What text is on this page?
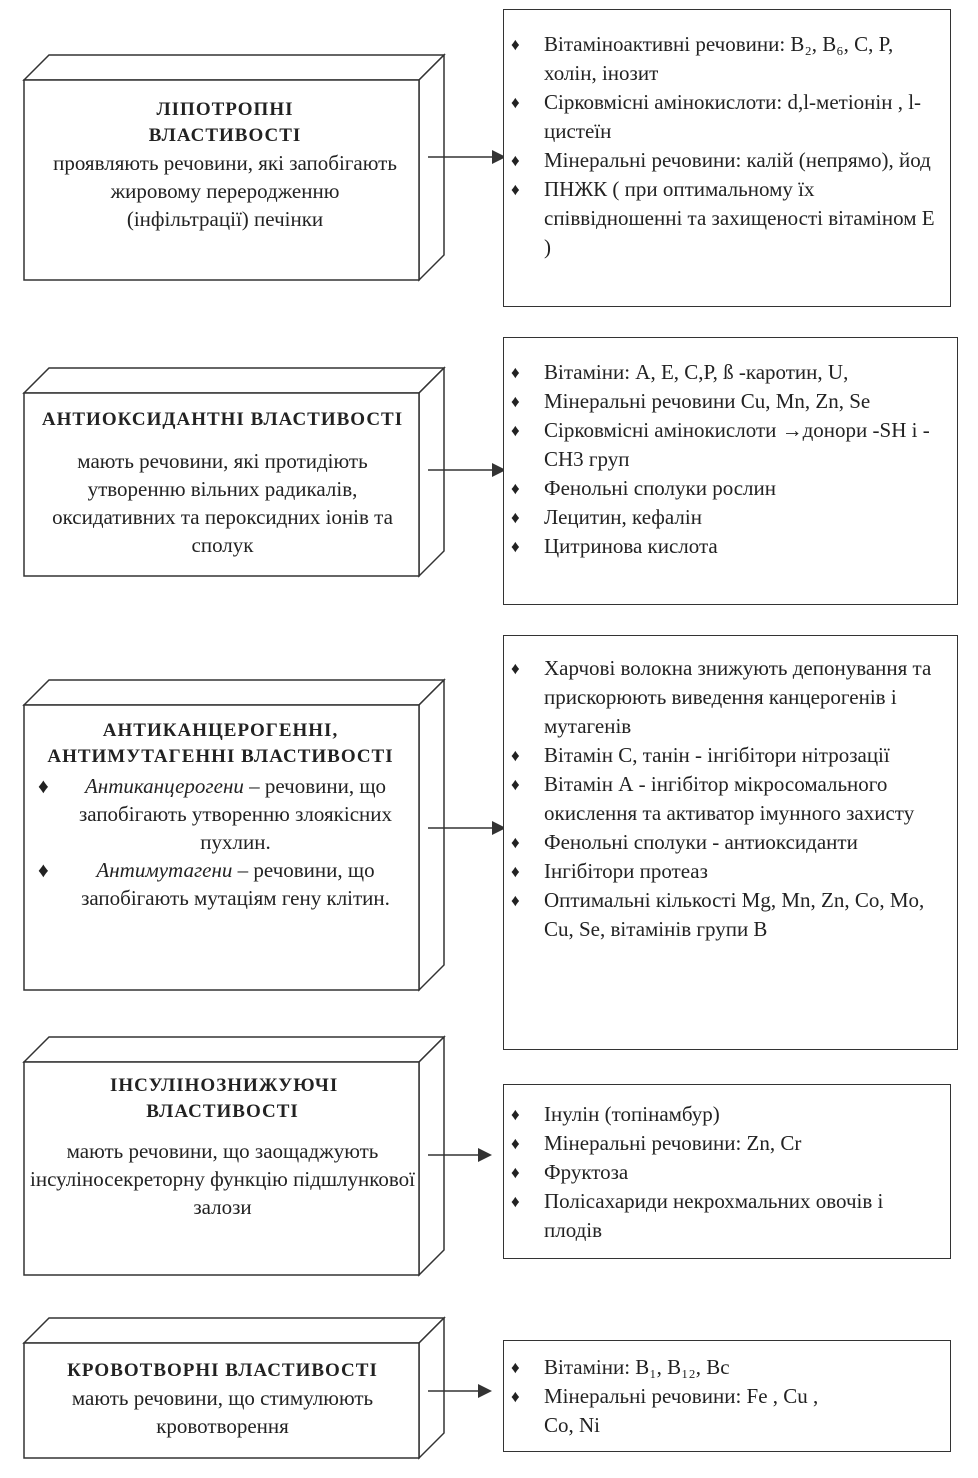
ЛІПОТРОПНІ ВЛАСТИВОСТІ
проявляють речовини, які запобігають жировому переродженню (інфільтрації) печінки
♦ Вітаміноактивні речовини: B₂, B₆, C, P, холін, інозит
♦ Сірковмісні амінокислоти: d,l-метіонін , l-цистеїн
♦ Мінеральні речовини: калій (непрямо), йод
♦ ПНЖК ( при оптимальному їх співвідношенні та захищеності вітаміном Е )
АНТИОКСИДАНТНІ ВЛАСТИВОСТІ
мають речовини, які протидіють утворенню вільних радикалів, оксидативних та пероксидних іонів та сполук
♦ Вітаміни: А, Е, С,Р, ß -каротин, U,
♦ Мінеральні речовини Cu, Mn, Zn, Se
♦ Сірковмісні амінокислоти →донори -SH і -CH3 груп
♦ Фенольні сполуки рослин
♦ Лецитин, кефалін
♦ Цитринова кислота
АНТИКАНЦЕРОГЕННІ, АНТИМУТАГЕННІ ВЛАСТИВОСТІ
♦ Антиканцерогени – речовини, що запобігають утворенню злоякісних пухлин.
♦ Антимутагени – речовини, що запобігають мутаціям гену клітин.
♦ Харчові волокна знижують депонування та прискорюють виведення канцерогенів і мутагенів
♦ Вітамін С, танін - інгібітори нітрозації
♦ Вітамін А - інгібітор мікросомального окислення та активатор імунного захисту
♦ Фенольні сполуки - антиоксиданти
♦ Інгібітори протеаз
♦ Оптимальні кількості Mg, Mn, Zn, Co, Mo, Cu, Se, вітамінів групи В
ІНСУЛІНОЗНИЖУЮЧІ ВЛАСТИВОСТІ
мають речовини, що заощаджують інсуліносекреторну функцію підшлункової залози
♦ Інулін (топінамбур)
♦ Мінеральні речовини: Zn, Cr
♦ Фруктоза
♦ Полісахариди некрохмальних овочів і плодів
КРОВОТВОРНІ ВЛАСТИВОСТІ
мають речовини, що стимулюють кровотворення
♦ Вітаміни: B₁, B₁₂, Bc
♦ Мінеральні речовини: Fe , Cu , Co, Ni
